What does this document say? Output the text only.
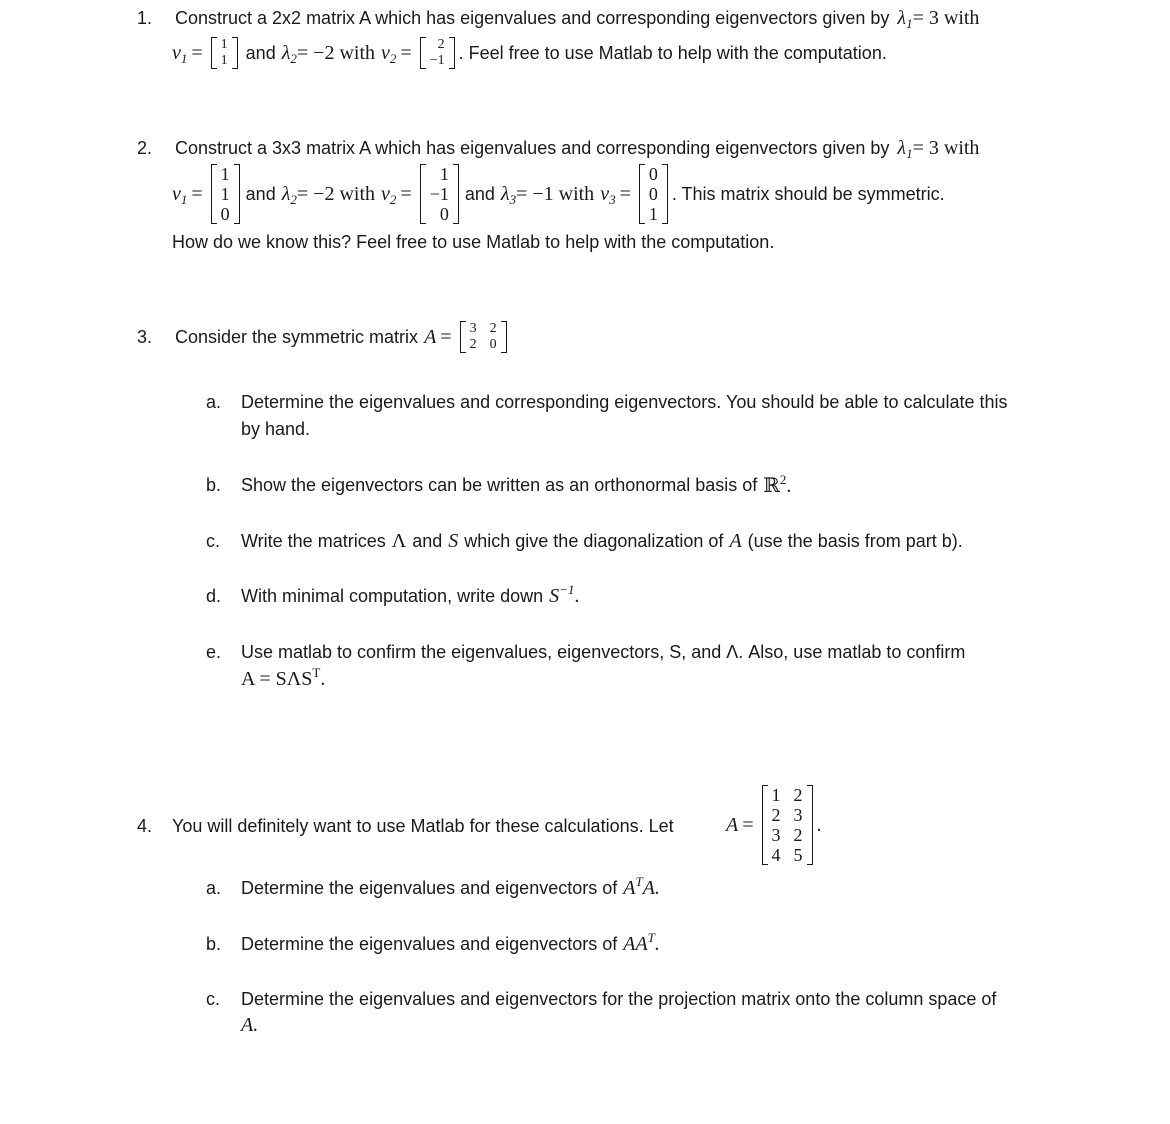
1.	Construct a 2x2 matrix A which has eigenvalues and corresponding eigenvectors given by $\lambda_1 = 3$ with
$v_1 = 1$
1 and $\lambda_2 = -2$ with $v_2 = 2$
−1 . Feel free to use Matlab to help with the computation.
2.	Construct a 3x3 matrix A which has eigenvalues and corresponding eigenvectors given by $\lambda_1 = 3$ with
$v_1$ =
1
1
0
and $\lambda_2 = -2$ with $v_2$ =
1
−1
0
and $\lambda_3 = -1$ with $v_3$ =
0
0
1
. This matrix should be symmetric.
How do we know this? Feel free to use Matlab to help with the computation.
3.	Consider the symmetric matrix A = 3	2
2	0
a. Determine the eigenvalues and corresponding eigenvectors. You should be able to calculate this
by hand.
b. Show the eigenvectors can be written as an orthonormal basis of ℝ$^2$.
c. Write the matrices Λ and S which give the diagonalization of A (use the basis from part b).
d. With minimal computation, write down $S^{-1}$ .
e. Use matlab to confirm the eigenvalues, eigenvectors, S, and Λ. Also, use matlab to confirm
A = SΛS $^T$.
4. You will definitely want to use Matlab for these calculations. Let	A =
1	2
2	3
3	2
4	5
.
a. Determine the eigenvalues and eigenvectors of $A^TA$.
b. Determine the eigenvalues and eigenvectors of $AA^T$.
c. Determine the eigenvalues and eigenvectors for the projection matrix onto the column space of
A.
